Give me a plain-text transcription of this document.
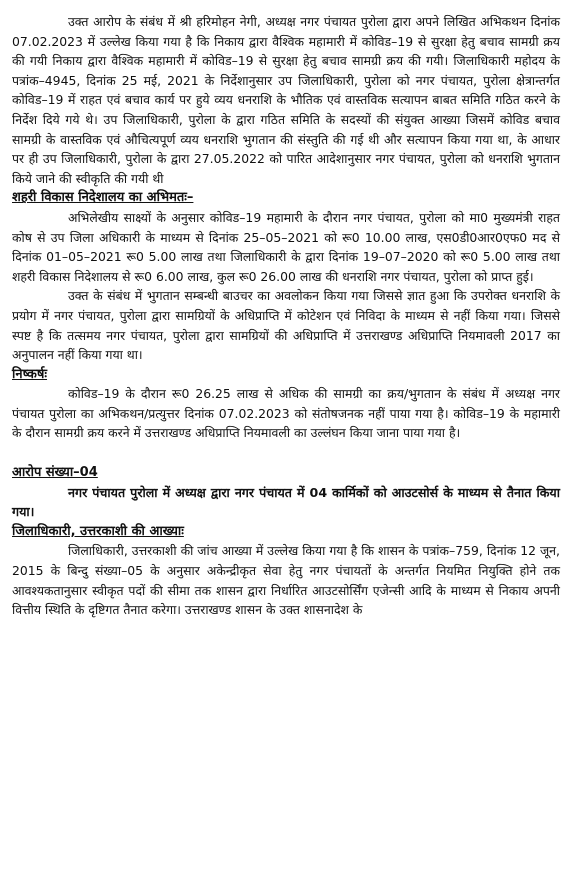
उक्त आरोप के संबंध में श्री हरिमोहन नेगी, अध्यक्ष नगर पंचायत पुरोला द्वारा अपने लिखित अभिकथन दिनांक 07.02.2023 में उल्लेख किया गया है कि निकाय द्वारा वैश्विक महामारी में कोविड–19 से सुरक्षा हेतु बचाव सामग्री क्रय की गयी निकाय द्वारा वैश्विक महामारी में कोविड–19 से सुरक्षा हेतु बचाव सामग्री क्रय की गयी। जिलाधिकारी महोदय के पत्रांक–4945, दिनांक 25 मई, 2021 के निर्देशानुसार उप जिलाधिकारी, पुरोला को नगर पंचायत, पुरोला क्षेत्रान्तर्गत कोविड–19 में राहत एवं बचाव कार्य पर हुये व्यय धनराशि के भौतिक एवं वास्तविक सत्यापन बाबत समिति गठित करने के निर्देश दिये गये थे। उप जिलाधिकारी, पुरोला के द्वारा गठित समिति के सदस्यों की संयुक्त आख्या जिसमें कोविड बचाव सामग्री के वास्तविक एवं औचित्यपूर्ण व्यय धनराशि भुगतान की संस्तुति की गई थी और सत्यापन किया गया था, के आधार पर ही उप जिलाधिकारी, पुरोला के द्वारा 27.05.2022 को पारित आदेशानुसार नगर पंचायत, पुरोला को धनराशि भुगतान किये जाने की स्वीकृति की गयी थी

शहरी विकास निदेशालय का अभिमतः–

अभिलेखीय साक्ष्यों के अनुसार कोविड–19 महामारी के दौरान नगर पंचायत, पुरोला को मा0 मुख्यमंत्री राहत कोष से उप जिला अधिकारी के माध्यम से दिनांक 25–05–2021 को रू0 10.00 लाख, एस0डी0आर0एफ0 मद से दिनांक 01–05–2021 रू0 5.00 लाख तथा जिलाधिकारी के द्वारा दिनांक 19–07–2020 को रू0 5.00 लाख तथा शहरी विकास निदेशालय से रू0 6.00 लाख, कुल रू0 26.00 लाख की धनराशि नगर पंचायत, पुरोला को प्राप्त हुई।

उक्त के संबंध में भुगतान सम्बन्धी बाउचर का अवलोकन किया गया जिससे ज्ञात हुआ कि उपरोक्त धनराशि के प्रयोग में नगर पंचायत, पुरोला द्वारा सामग्रियों के अधिप्राप्ति में कोटेशन एवं निविदा के माध्यम से नहीं किया गया। जिससे स्पष्ट है कि तत्समय नगर पंचायत, पुरोला द्वारा सामग्रियों की अधिप्राप्ति में उत्तराखण्ड अधिप्राप्ति नियमावली 2017 का अनुपालन नहीं किया गया था।

निष्कर्षः

कोविड–19 के दौरान रू0 26.25 लाख से अधिक की सामग्री का क्रय/भुगतान के संबंध में अध्यक्ष नगर पंचायत पुरोला का अभिकथन/प्रत्युत्तर दिनांक 07.02.2023 को संतोषजनक नहीं पाया गया है। कोविड–19 के महामारी के दौरान सामग्री क्रय करने में उत्तराखण्ड अधिप्राप्ति नियमावली का उल्लंघन किया जाना पाया गया है।

आरोप संख्या–04

नगर पंचायत पुरोला में अध्यक्ष द्वारा नगर पंचायत में 04 कार्मिकों को आउटसोर्स के माध्यम से तैनात किया गया।

जिलाधिकारी, उत्तरकाशी की आख्याः

जिलाधिकारी, उत्तरकाशी की जांच आख्या में उल्लेख किया गया है कि शासन के पत्रांक–759, दिनांक 12 जून, 2015 के बिन्दु संख्या–05 के अनुसार अकेन्द्रीकृत सेवा हेतु नगर पंचायतों के अन्तर्गत नियमित नियुक्ति होने तक आवश्यकतानुसार स्वीकृत पदों की सीमा तक शासन द्वारा निर्धारित आउटसोर्सिंग एजेन्सी आदि के माध्यम से निकाय अपनी वित्तीय स्थिति के दृष्टिगत तैनात करेगा। उत्तराखण्ड शासन के उक्त शासनादेश के
